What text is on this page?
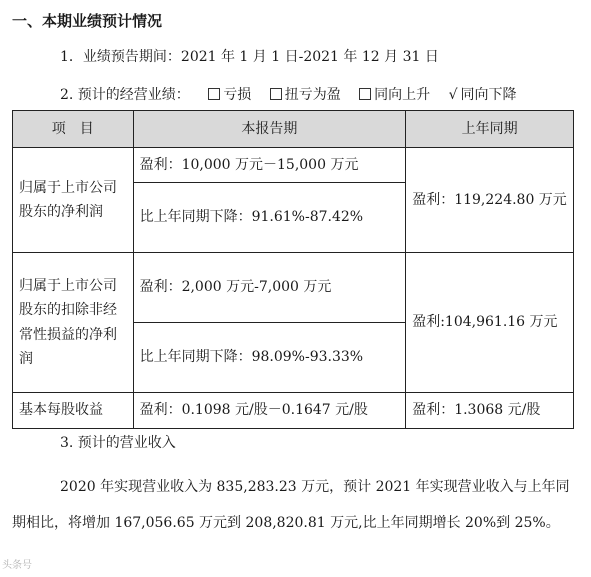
一、本期业绩预计情况
1．业绩预告期间：2021 年 1 月 1 日-2021 年 12 月 31 日
2. 预计的经营业绩： 亏损 扭亏为盈 同向上升 √ 同向下降
项　目	本报告期	上年同期
归属于上市公司股东的净利润	盈利：10,000 万元－15,000 万元	盈利：119,224.80 万元
	比上年同期下降：91.61%-87.42%	
归属于上市公司股东的扣除非经常性损益的净利润	盈利：2,000 万元-7,000 万元	盈利:104,961.16 万元
	比上年同期下降：98.09%-93.33%	
基本每股收益	盈利：0.1098 元/股－0.1647 元/股	盈利：1.3068 元/股
3. 预计的营业收入
2020 年实现营业收入为 835,283.23 万元，预计 2021 年实现营业收入与上年同期相比，将增加 167,056.65 万元到 208,820.81 万元,比上年同期增长 20%到 25%。
头条号
